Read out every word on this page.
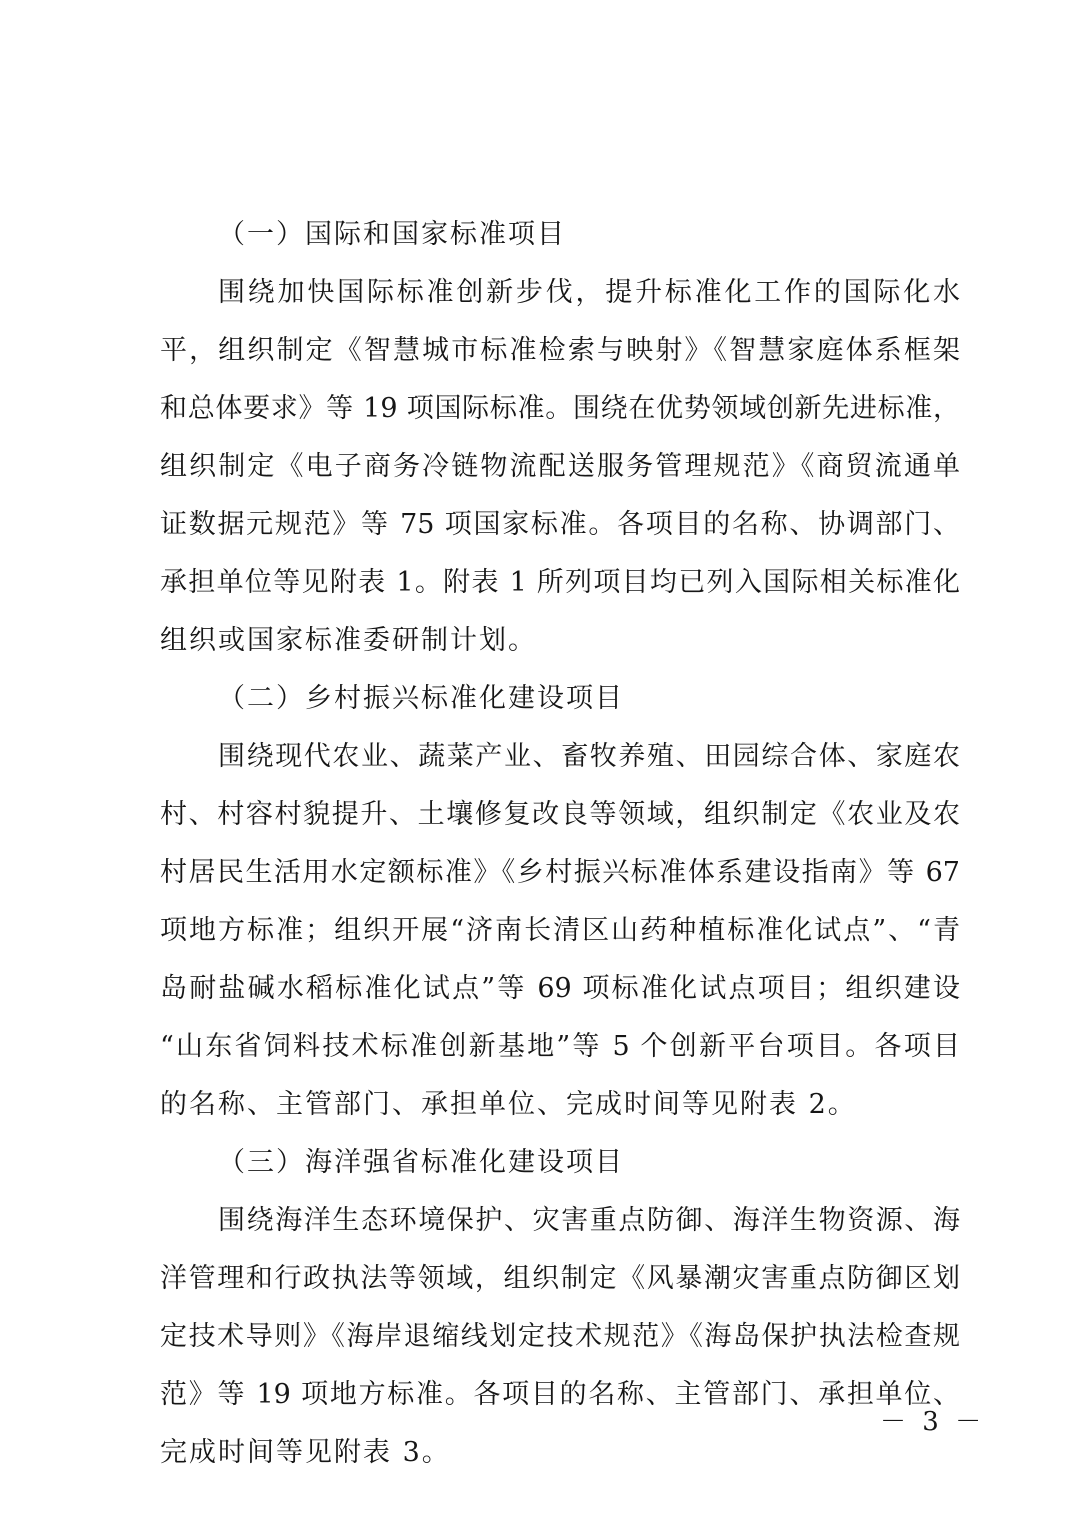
（一）国际和国家标准项目
围绕加快国际标准创新步伐，提升标准化工作的国际化水
平，组织制定《智慧城市标准检索与映射》《智慧家庭体系框架
和总体要求》等 19 项国际标准。围绕在优势领域创新先进标准，
组织制定《电子商务冷链物流配送服务管理规范》《商贸流通单
证数据元规范》等 75 项国家标准。各项目的名称、协调部门、
承担单位等见附表 1。附表 1 所列项目均已列入国际相关标准化
组织或国家标准委研制计划。
（二）乡村振兴标准化建设项目
围绕现代农业、蔬菜产业、畜牧养殖、田园综合体、家庭农
村、村容村貌提升、土壤修复改良等领域，组织制定《农业及农
村居民生活用水定额标准》《乡村振兴标准体系建设指南》等 67
项地方标准；组织开展“济南长清区山药种植标准化试点”、“青
岛耐盐碱水稻标准化试点”等 69 项标准化试点项目；组织建设
“山东省饲料技术标准创新基地”等 5 个创新平台项目。各项目
的名称、主管部门、承担单位、完成时间等见附表 2。
（三）海洋强省标准化建设项目
围绕海洋生态环境保护、灾害重点防御、海洋生物资源、海
洋管理和行政执法等领域，组织制定《风暴潮灾害重点防御区划
定技术导则》《海岸退缩线划定技术规范》《海岛保护执法检查规
范》等 19 项地方标准。各项目的名称、主管部门、承担单位、
完成时间等见附表 3。
－ 3 －
